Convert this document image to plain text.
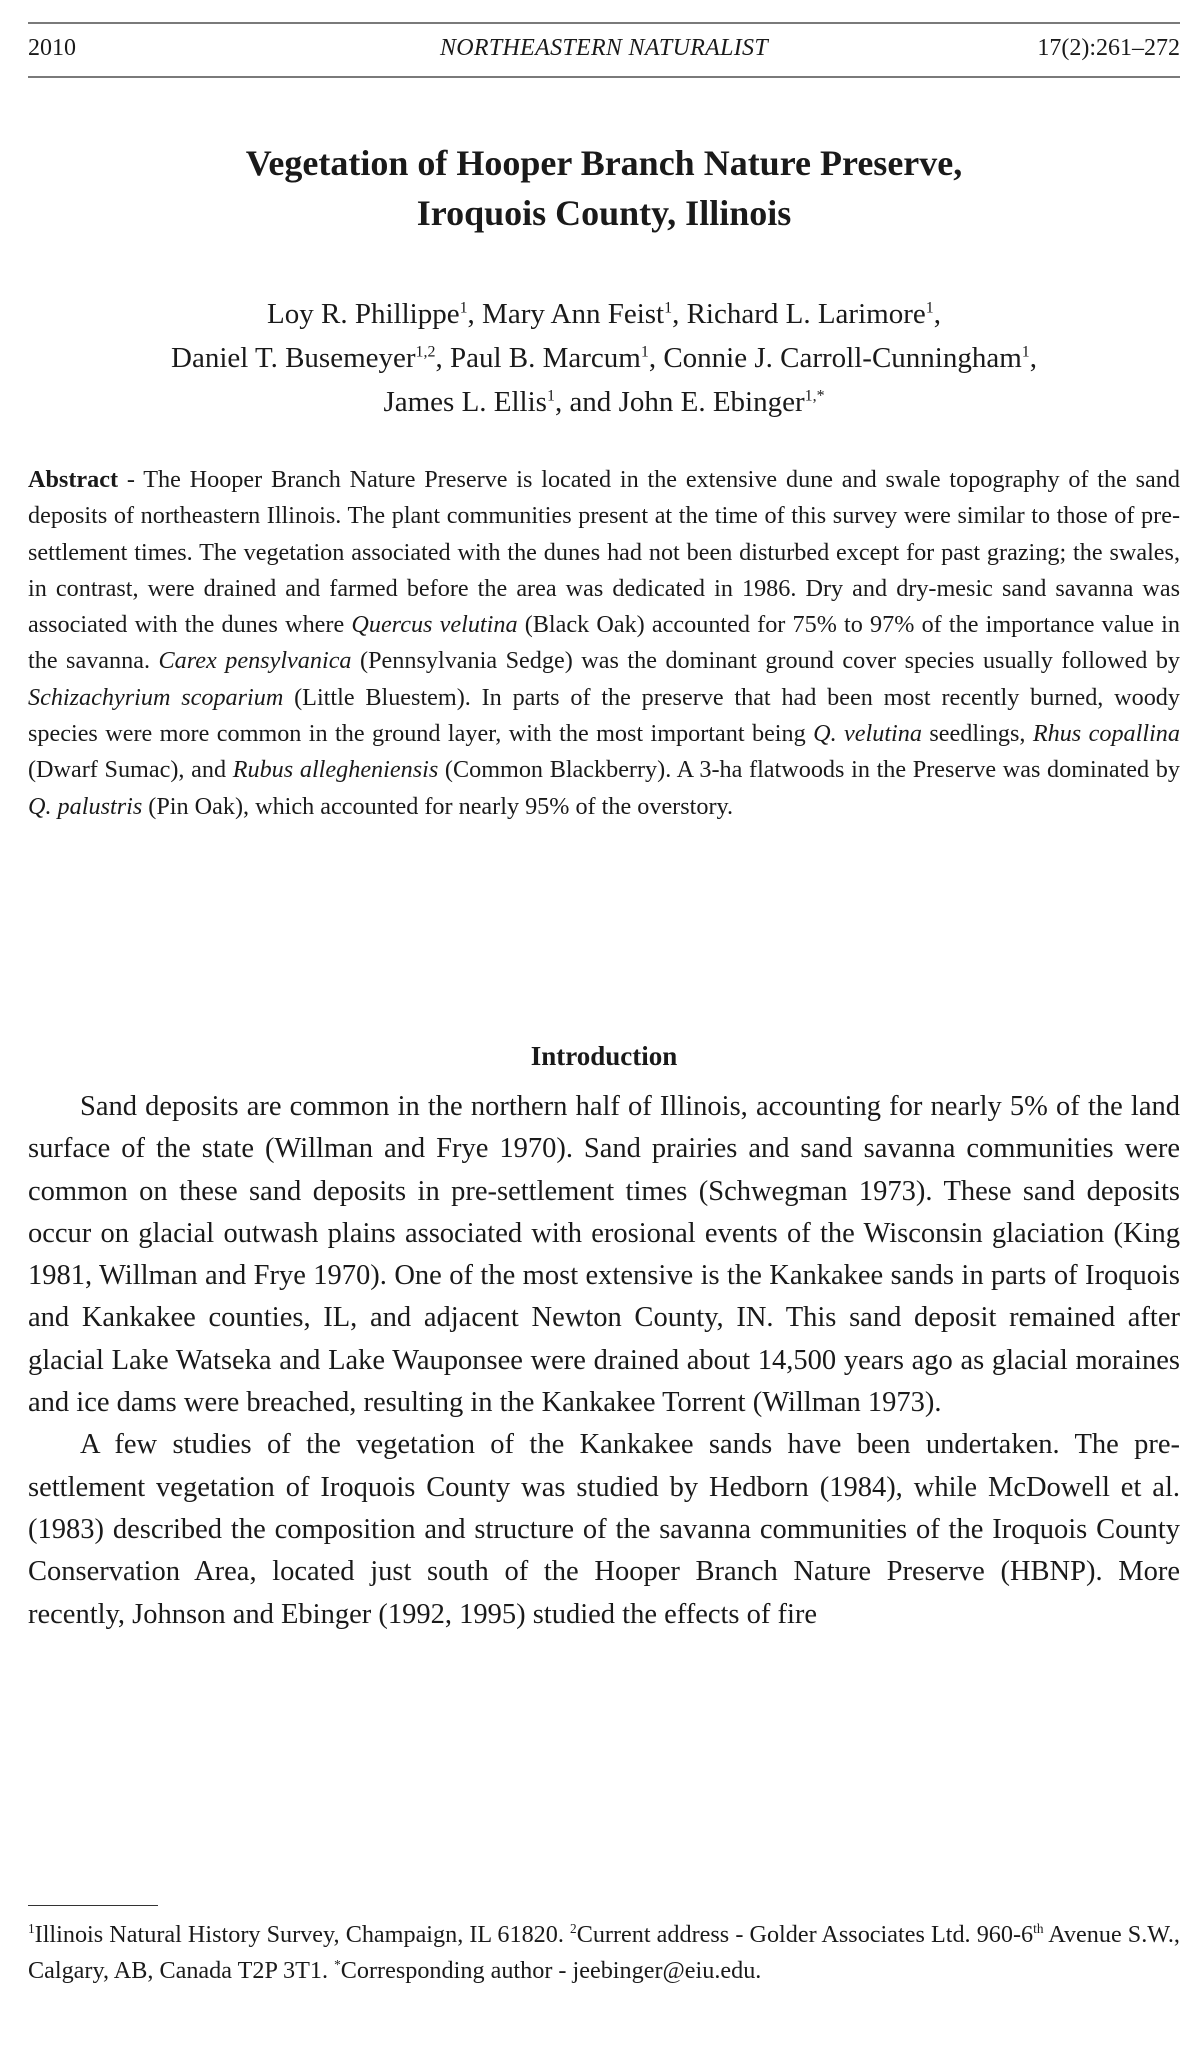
2010	NORTHEASTERN NATURALIST	17(2):261–272
Vegetation of Hooper Branch Nature Preserve,
Iroquois County, Illinois
Loy R. Phillippe$^1$, Mary Ann Feist$^1$, Richard L. Larimore$^1$,
Daniel T. Busemeyer$^{1,2}$, Paul B. Marcum$^1$, Connie J. Carroll-Cunningham$^1$,
James L. Ellis$^1$, and John E. Ebinger$^{1,*}$
Abstract - The Hooper Branch Nature Preserve is located in the extensive dune and swale topography of the sand deposits of northeastern Illinois. The plant communities present at the time of this survey were similar to those of pre-settlement times. The vegetation associated with the dunes had not been disturbed except for past grazing; the swales, in contrast, were drained and farmed before the area was dedicated in 1986. Dry and dry-mesic sand savanna was associated with the dunes where Quercus velutina (Black Oak) accounted for 75% to 97% of the importance value in the savanna. Carex pensylvanica (Pennsylvania Sedge) was the dominant ground cover species usually followed by Schizachyrium scoparium (Little Bluestem). In parts of the preserve that had been most recently burned, woody species were more common in the ground layer, with the most important being Q. velutina seedlings, Rhus copallina (Dwarf Sumac), and Rubus allegheniensis (Common Blackberry). A 3-ha flatwoods in the Preserve was dominated by Q. palustris (Pin Oak), which accounted for nearly 95% of the overstory.
Introduction

Sand deposits are common in the northern half of Illinois, accounting for nearly 5% of the land surface of the state (Willman and Frye 1970). Sand prairies and sand savanna communities were common on these sand deposits in pre-settlement times (Schwegman 1973). These sand deposits occur on glacial outwash plains associated with erosional events of the Wisconsin glaciation (King 1981, Willman and Frye 1970). One of the most extensive is the Kankakee sands in parts of Iroquois and Kankakee counties, IL, and adjacent Newton County, IN. This sand deposit remained after glacial Lake Watseka and Lake Wauponsee were drained about 14,500 years ago as glacial moraines and ice dams were breached, resulting in the Kankakee Torrent (Willman 1973).

A few studies of the vegetation of the Kankakee sands have been undertaken. The pre-settlement vegetation of Iroquois County was studied by Hedborn (1984), while McDowell et al. (1983) described the composition and structure of the savanna communities of the Iroquois County Conservation Area, located just south of the Hooper Branch Nature Preserve (HBNP). More recently, Johnson and Ebinger (1992, 1995) studied the effects of fire

$^1$Illinois Natural History Survey, Champaign, IL 61820. $^2$Current address - Golder Associates Ltd. 960-6th Avenue S.W., Calgary, AB, Canada T2P 3T1. *Corresponding author - jeebinger@eiu.edu.
